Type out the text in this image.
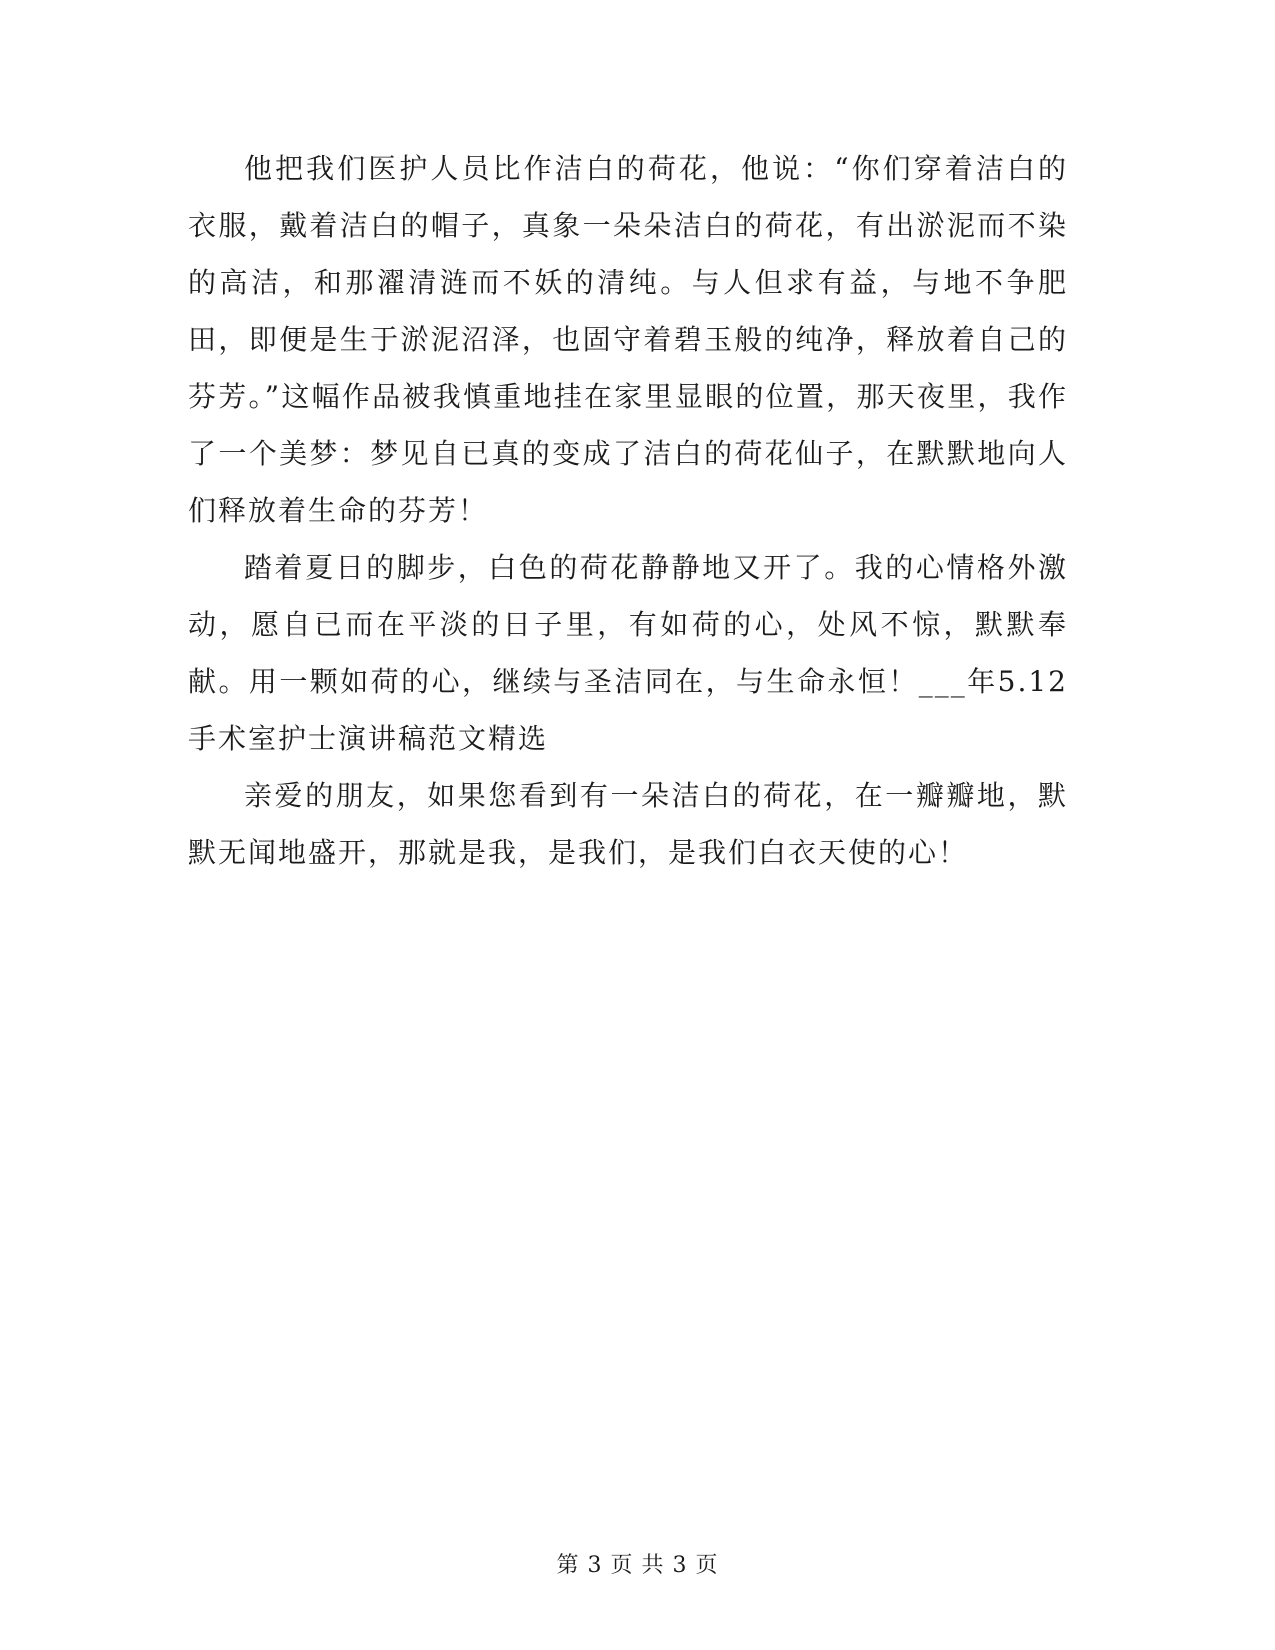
他把我们医护人员比作洁白的荷花，他说：“你们穿着洁白的衣服，戴着洁白的帽子，真象一朵朵洁白的荷花，有出淤泥而不染的高洁，和那濯清涟而不妖的清纯。与人但求有益，与地不争肥田，即便是生于淤泥沼泽，也固守着碧玉般的纯净，释放着自己的芬芳。”这幅作品被我慎重地挂在家里显眼的位置，那天夜里，我作了一个美梦：梦见自已真的变成了洁白的荷花仙子，在默默地向人们释放着生命的芬芳！

踏着夏日的脚步，白色的荷花静静地又开了。我的心情格外激动，愿自已而在平淡的日子里，有如荷的心，处风不惊，默默奉献。用一颗如荷的心，继续与圣洁同在，与生命永恒！___年5.12手术室护士演讲稿范文精选

亲爱的朋友，如果您看到有一朵洁白的荷花，在一瓣瓣地，默默无闻地盛开，那就是我，是我们，是我们白衣天使的心！

第 3 页 共 3 页
